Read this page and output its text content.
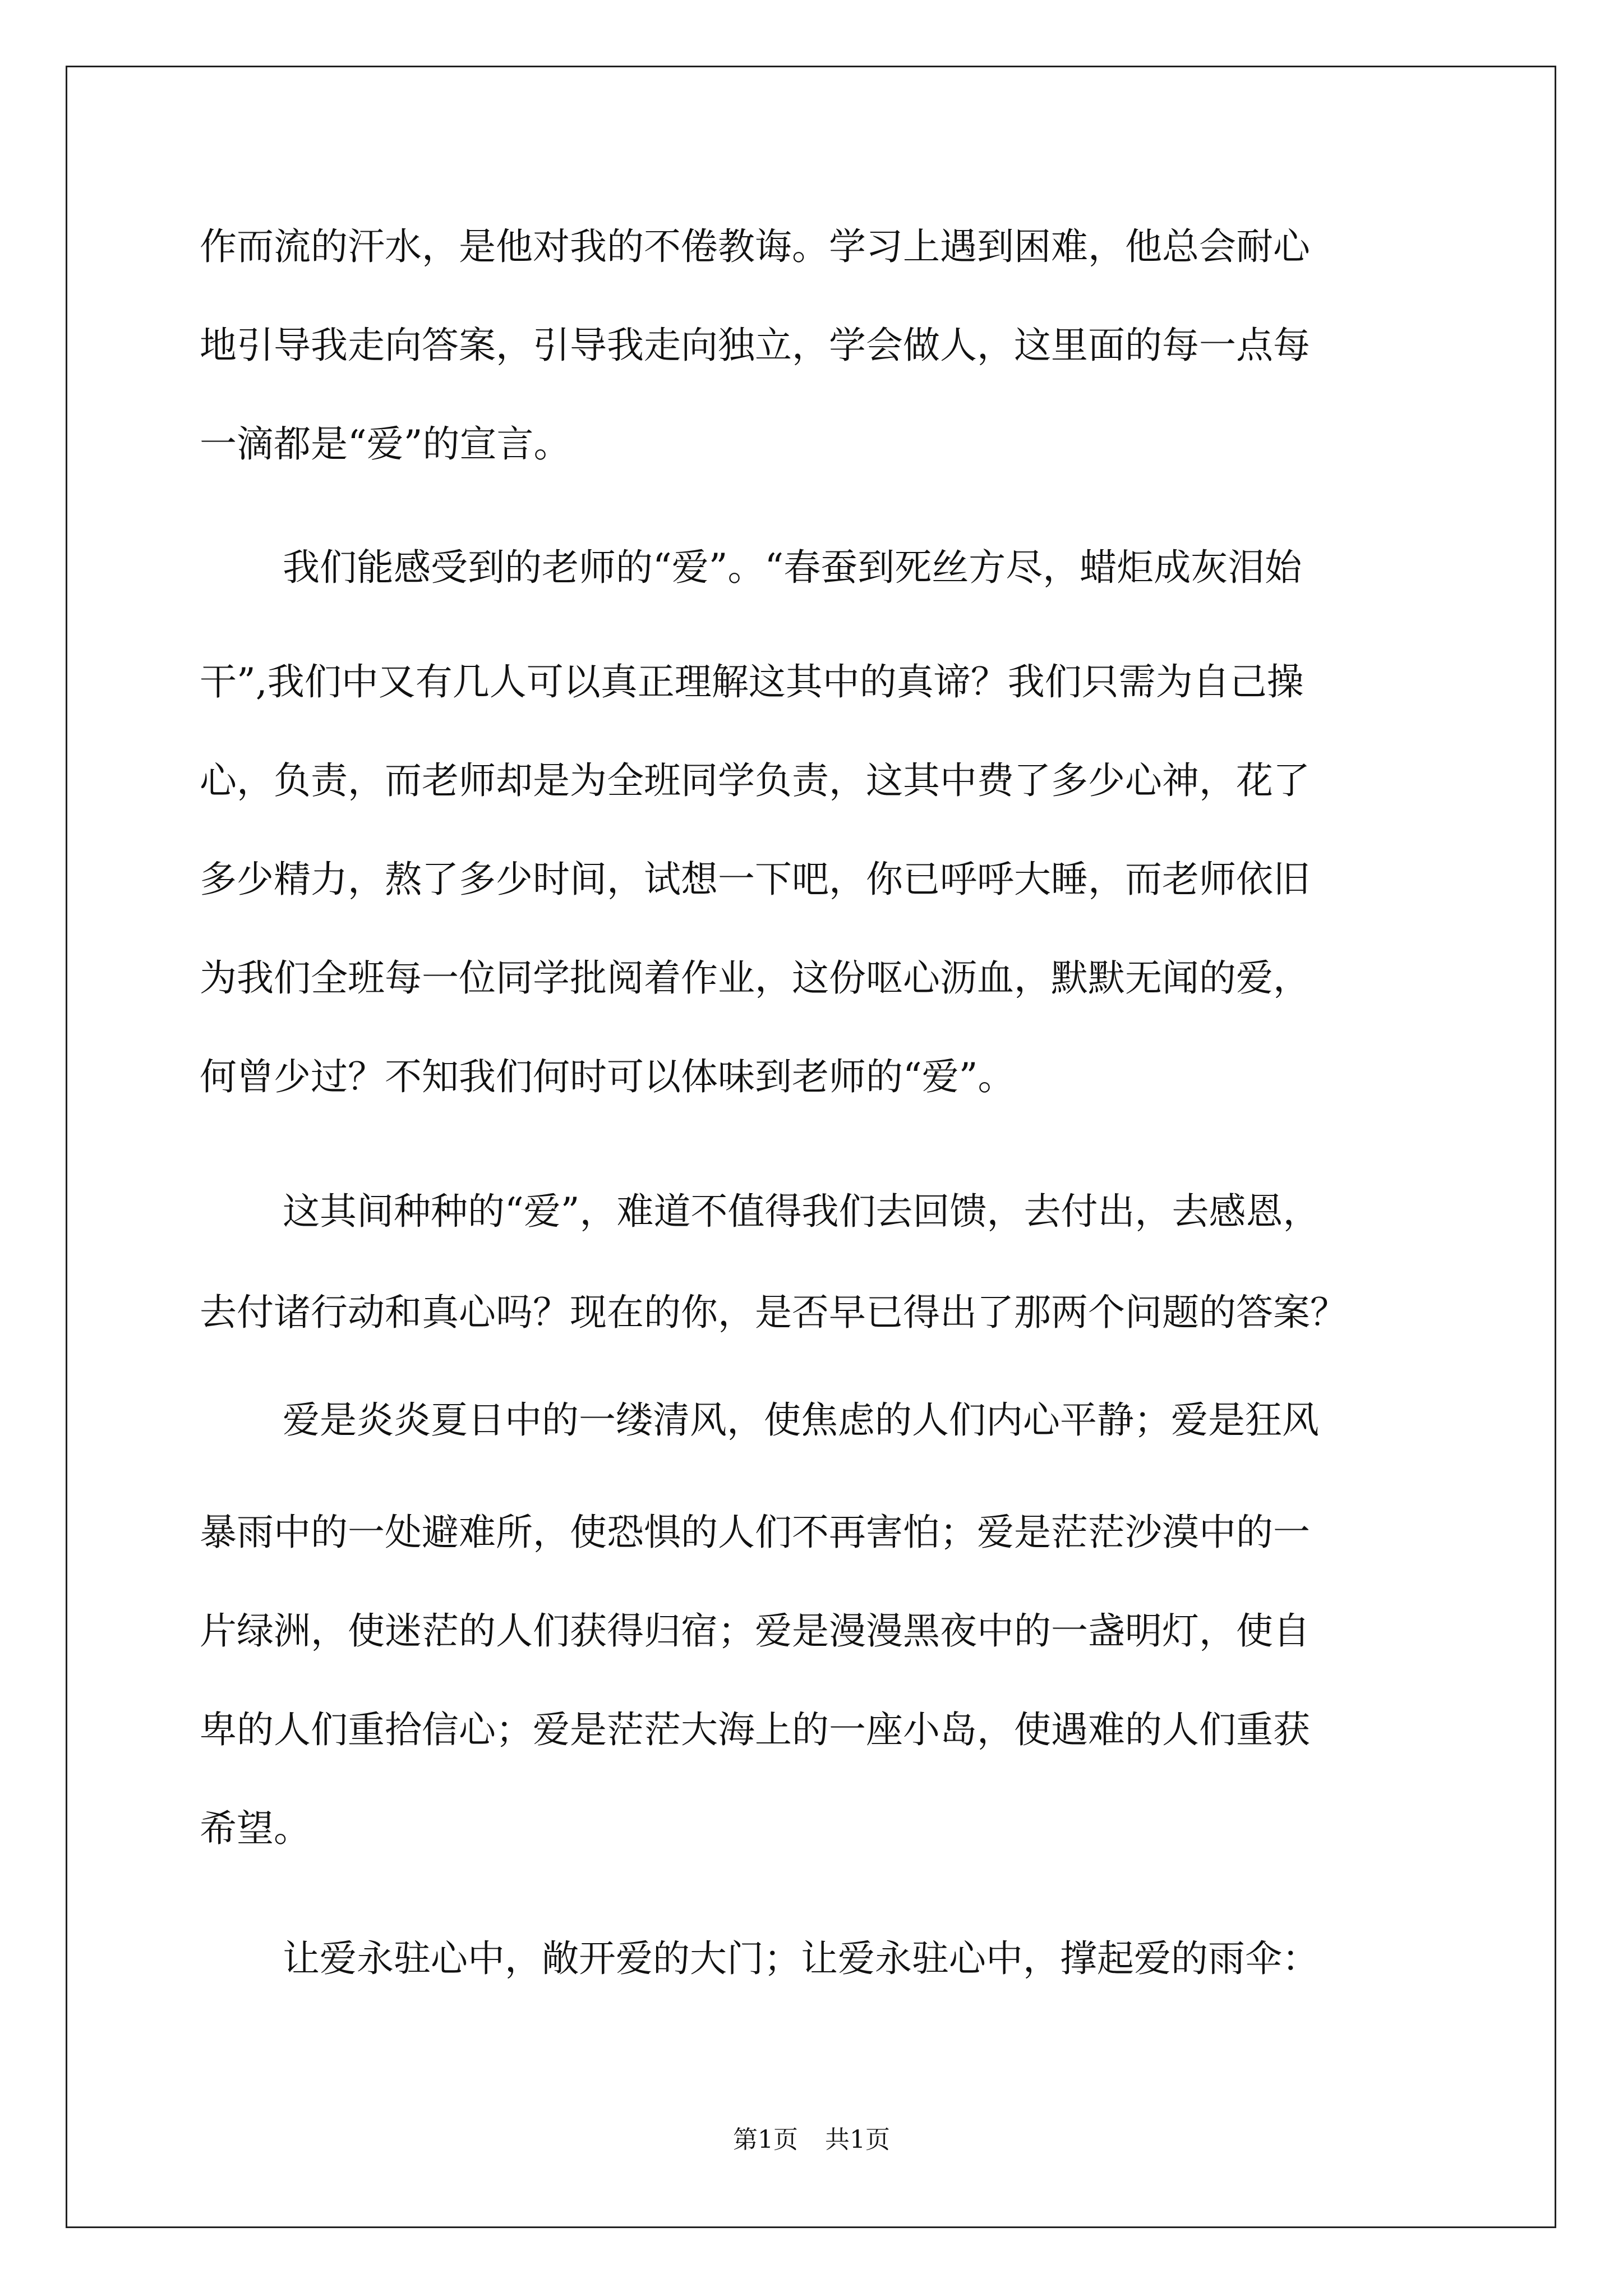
作而流的汗水，是他对我的不倦教诲。学习上遇到困难，他总会耐心
地引导我走向答案，引导我走向独立，学会做人，这里面的每一点每
一滴都是“爱”的宣言。
我们能感受到的老师的“爱”。“春蚕到死丝方尽，蜡炬成灰泪始
干”,我们中又有几人可以真正理解这其中的真谛？我们只需为自己操
心，负责，而老师却是为全班同学负责，这其中费了多少心神，花了
多少精力，熬了多少时间，试想一下吧，你已呼呼大睡，而老师依旧
为我们全班每一位同学批阅着作业，这份呕心沥血，默默无闻的爱，
何曾少过？不知我们何时可以体味到老师的“爱”。
这其间种种的“爱”，难道不值得我们去回馈，去付出，去感恩，
去付诸行动和真心吗？现在的你，是否早已得出了那两个问题的答案？
爱是炎炎夏日中的一缕清风，使焦虑的人们内心平静；爱是狂风
暴雨中的一处避难所，使恐惧的人们不再害怕；爱是茫茫沙漠中的一
片绿洲，使迷茫的人们获得归宿；爱是漫漫黑夜中的一盏明灯，使自
卑的人们重拾信心；爱是茫茫大海上的一座小岛，使遇难的人们重获
希望。
让爱永驻心中，敞开爱的大门；让爱永驻心中，撑起爱的雨伞：
第1页 共1页
